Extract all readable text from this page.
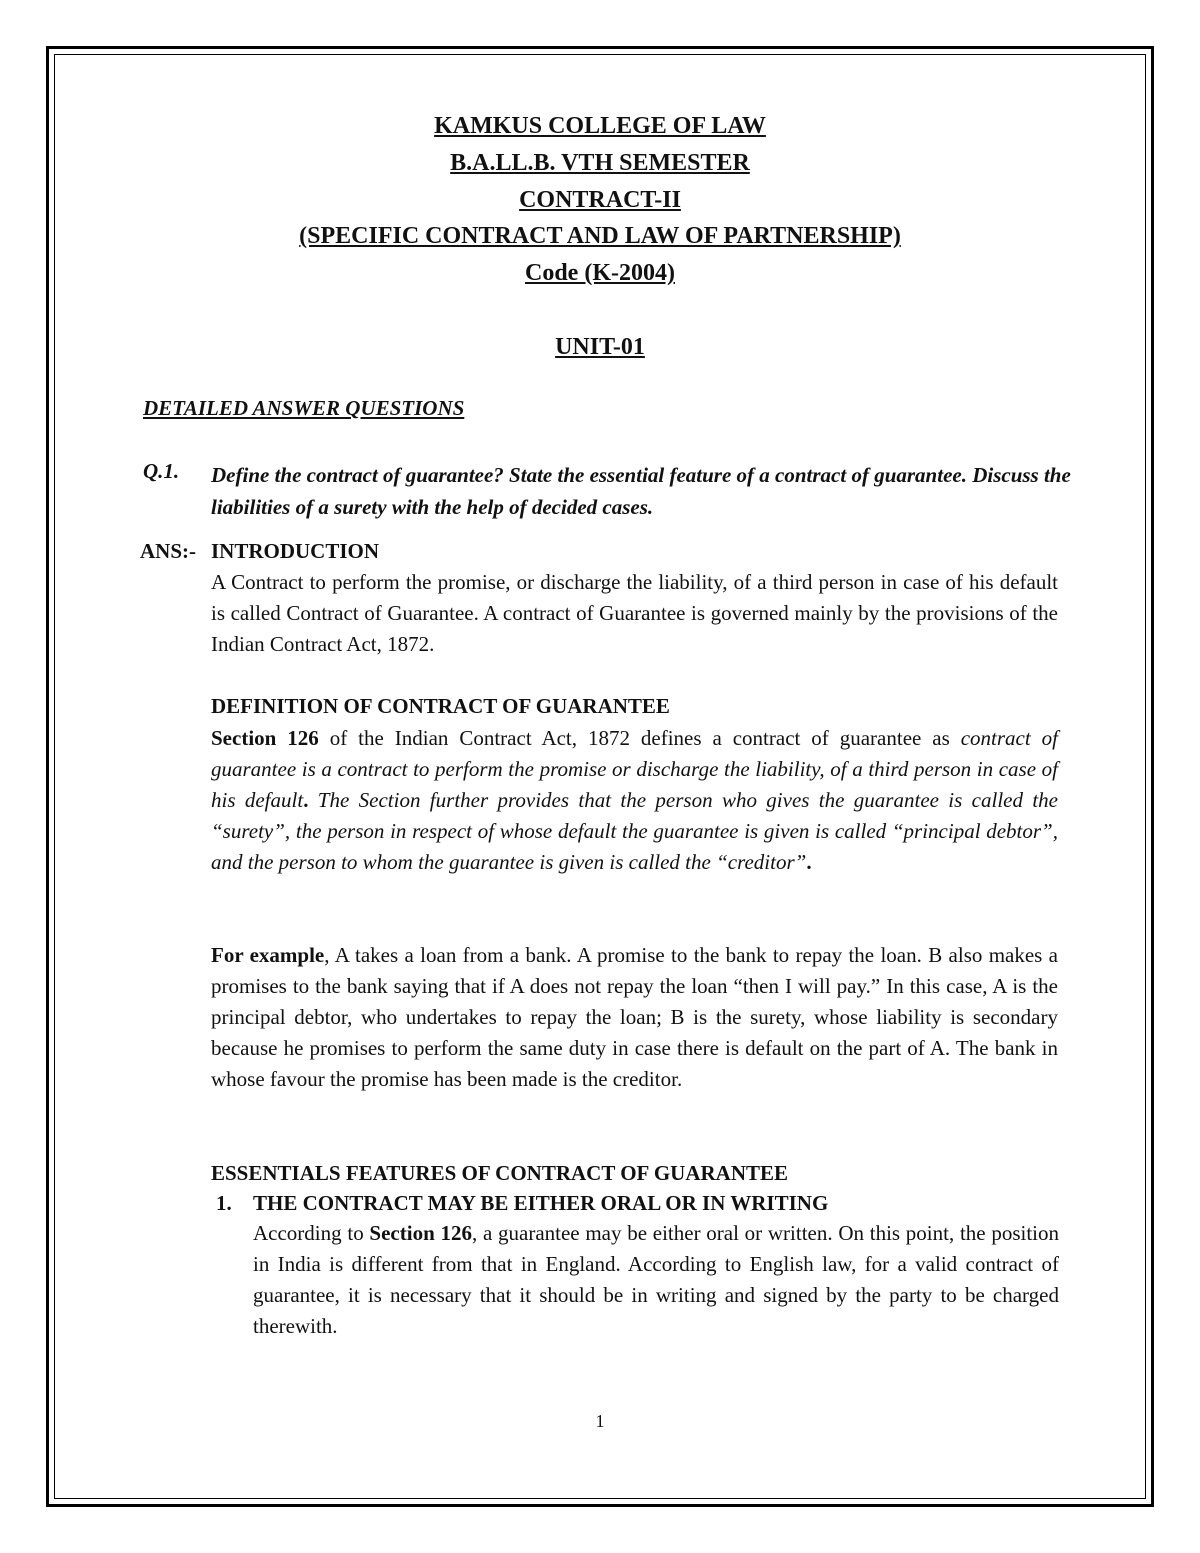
KAMKUS COLLEGE OF LAW
B.A.LL.B. VTH SEMESTER
CONTRACT-II
(SPECIFIC CONTRACT AND LAW OF PARTNERSHIP)
Code (K-2004)
UNIT-01
DETAILED ANSWER QUESTIONS
Q.1. Define the contract of guarantee? State the essential feature of a contract of guarantee. Discuss the liabilities of a surety with the help of decided cases.
ANS:- INTRODUCTION

A Contract to perform the promise, or discharge the liability, of a third person in case of his default is called Contract of Guarantee. A contract of Guarantee is governed mainly by the provisions of the Indian Contract Act, 1872.

DEFINITION OF CONTRACT OF GUARANTEE

Section 126 of the Indian Contract Act, 1872 defines a contract of guarantee as contract of guarantee is a contract to perform the promise or discharge the liability, of a third person in case of his default. The Section further provides that the person who gives the guarantee is called the “surety”, the person in respect of whose default the guarantee is given is called “principal debtor”, and the person to whom the guarantee is given is called the “creditor”.

For example, A takes a loan from a bank. A promise to the bank to repay the loan. B also makes a promises to the bank saying that if A does not repay the loan “then I will pay.” In this case, A is the principal debtor, who undertakes to repay the loan; B is the surety, whose liability is secondary because he promises to perform the same duty in case there is default on the part of A. The bank in whose favour the promise has been made is the creditor.

ESSENTIALS FEATURES OF CONTRACT OF GUARANTEE
1. THE CONTRACT MAY BE EITHER ORAL OR IN WRITING

According to Section 126, a guarantee may be either oral or written. On this point, the position in India is different from that in England. According to English law, for a valid contract of guarantee, it is necessary that it should be in writing and signed by the party to be charged therewith.

1
